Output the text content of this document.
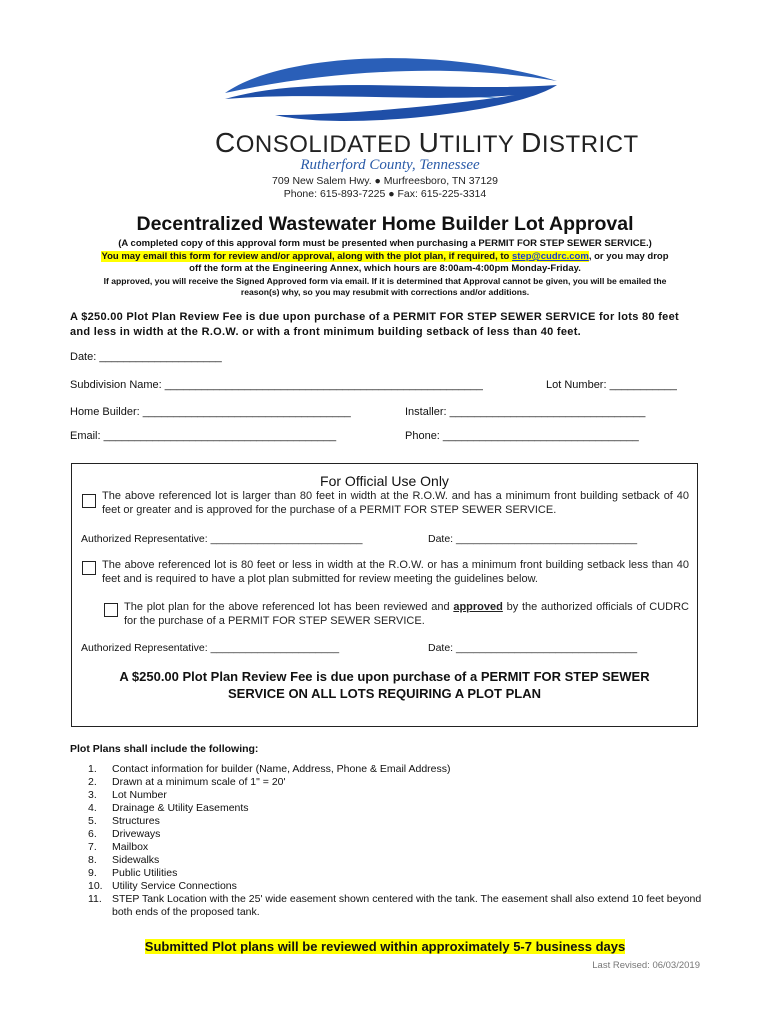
CONSOLIDATED UTILITY DISTRICT
Rutherford County, Tennessee
709 New Salem Hwy. ● Murfreesboro, TN 37129
Phone: 615-893-7225 ● Fax: 615-225-3314
Decentralized Wastewater Home Builder Lot Approval
(A completed copy of this approval form must be presented when purchasing a PERMIT FOR STEP SEWER SERVICE.)
You may email this form for review and/or approval, along with the plot plan, if required, to step@cudrc.com, or you may drop
off the form at the Engineering Annex, which hours are 8:00am-4:00pm Monday-Friday.
If approved, you will receive the Signed Approved form via email. If it is determined that Approval cannot be given, you will be emailed the
reason(s) why, so you may resubmit with corrections and/or additions.
A $250.00 Plot Plan Review Fee is due upon purchase of a PERMIT FOR STEP SEWER SERVICE for lots 80 feet
and less in width at the R.O.W. or with a front minimum building setback of less than 40 feet.
Date: ____________________
Subdivision Name: ____________________________________________________	Lot Number: ___________
Home Builder: __________________________________	Installer: ________________________________
Email: ______________________________________	Phone: ________________________________
For Official Use Only
The above referenced lot is larger than 80 feet in width at the R.O.W. and has a minimum front building setback of 40 feet or greater and is approved for the purchase of a PERMIT FOR STEP SEWER SERVICE.
Authorized Representative: __________________________	Date: _______________________________
The above referenced lot is 80 feet or less in width at the R.O.W. or has a minimum front building setback less than 40 feet and is required to have a plot plan submitted for review meeting the guidelines below.
The plot plan for the above referenced lot has been reviewed and approved by the authorized officials of CUDRC for the purchase of a PERMIT FOR STEP SEWER SERVICE.
Authorized Representative: ______________________	Date: _______________________________
A $250.00 Plot Plan Review Fee is due upon purchase of a PERMIT FOR STEP SEWER
SERVICE ON ALL LOTS REQUIRING A PLOT PLAN
Plot Plans shall include the following:
1.	Contact information for builder (Name, Address, Phone & Email Address)
2.	Drawn at a minimum scale of 1" = 20'
3.	Lot Number
4.	Drainage & Utility Easements
5.	Structures
6.	Driveways
7.	Mailbox
8.	Sidewalks
9.	Public Utilities
10. Utility Service Connections
11. STEP Tank Location with the 25' wide easement shown centered with the tank. The easement shall also extend 10 feet beyond both ends of the proposed tank.
Submitted Plot plans will be reviewed within approximately 5-7 business days
Last Revised: 06/03/2019
